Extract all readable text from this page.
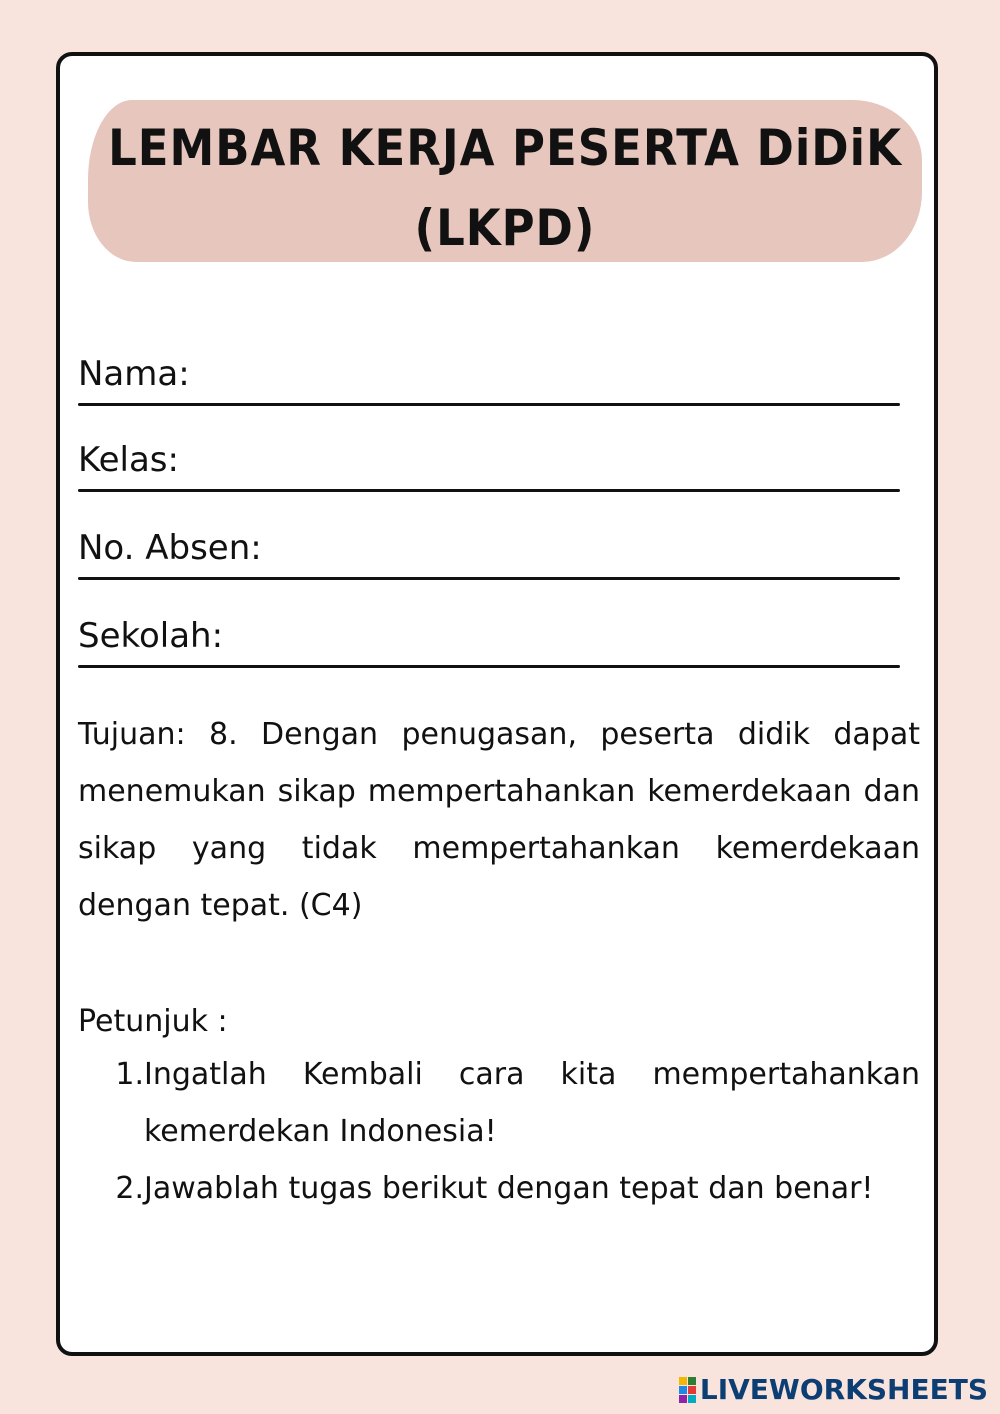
LEMBAR KERJA PESERTA DiDiK
(LKPD)
Nama:
Kelas:
No. Absen:
Sekolah:
Tujuan: 8. Dengan penugasan, peserta didik dapat menemukan sikap mempertahankan kemerdekaan dan sikap yang tidak mempertahankan kemerdekaan dengan tepat. (C4)
Petunjuk :
1. Ingatlah Kembali cara kita mempertahankan kemerdekan Indonesia!
2. Jawablah tugas berikut dengan tepat dan benar!
LIVEWORKSHEETS
